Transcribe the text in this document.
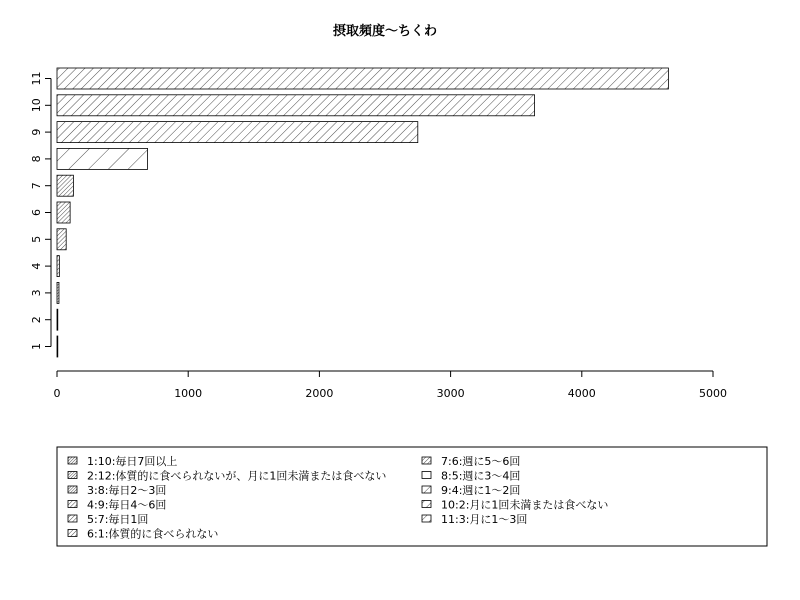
摂取頻度～ちくわ
1
2
3
4
5
6
7
8
9
10
11
0	1000	2000	3000	4000	5000
1:10:毎日7回以上
2:12:体質的に食べられないが、月に1回未満または食べない
3:8:毎日2～3回
4:9:毎日4～6回
5:7:毎日1回
6:1:体質的に食べられない
7:6:週に5～6回
8:5:週に3～4回
9:4:週に1～2回
10:2:月に1回未満または食べない
11:3:月に1～3回
